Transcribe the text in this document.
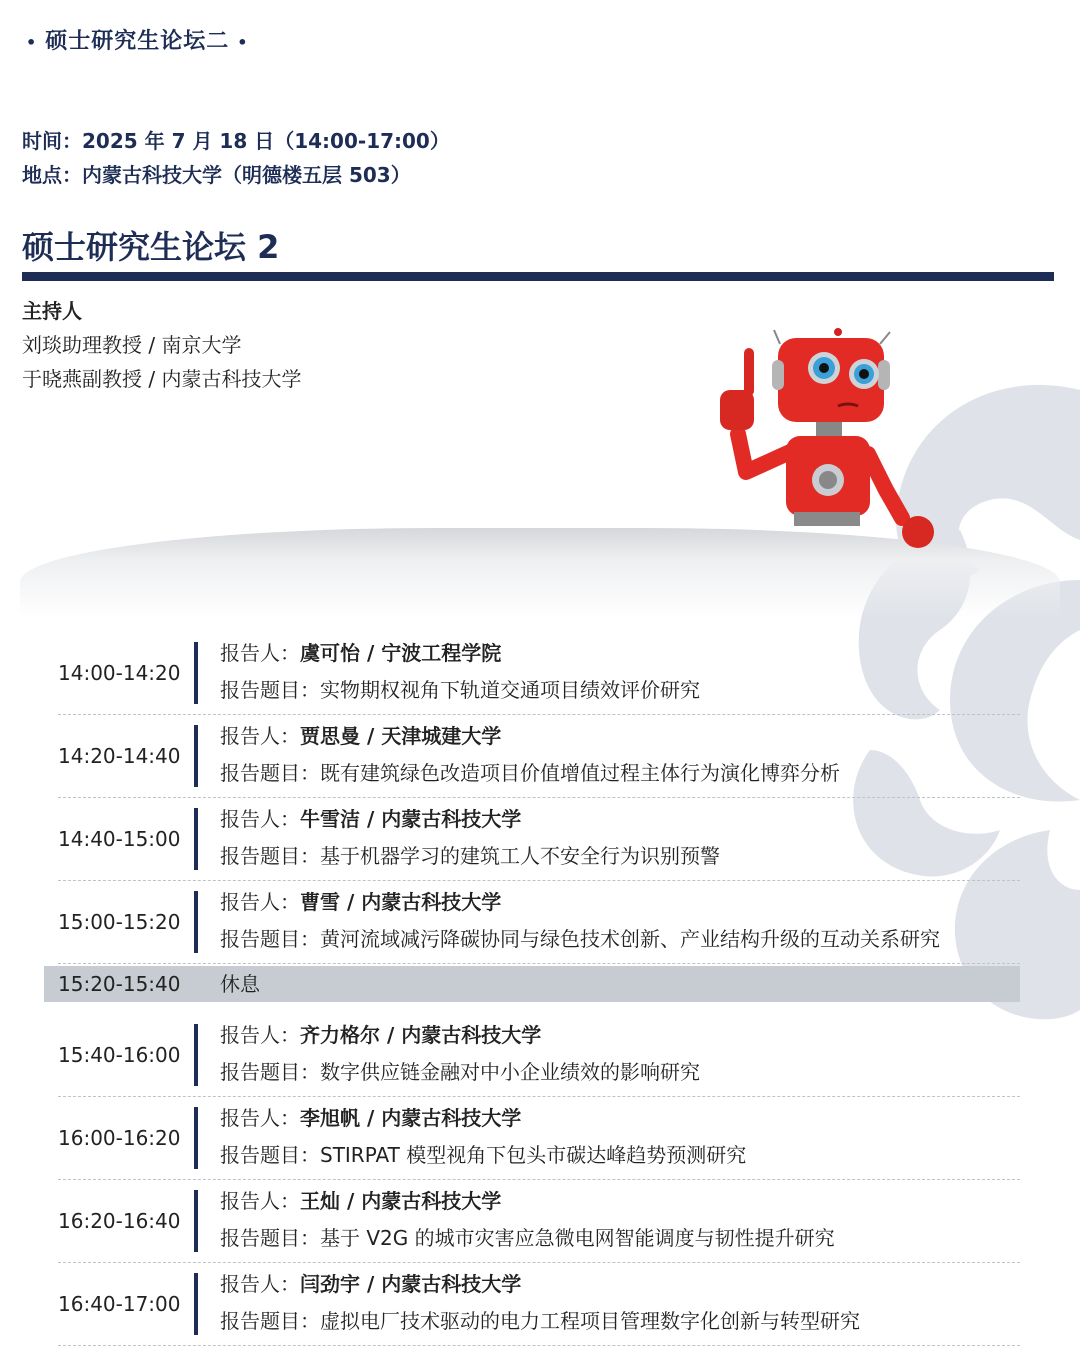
• 硕士研究生论坛二 •
时间：2025 年 7 月 18 日（14:00-17:00）
地点：内蒙古科技大学（明德楼五层 503）
硕士研究生论坛 2
主持人
刘琰助理教授 / 南京大学
于晓燕副教授 / 内蒙古科技大学
14:00-14:20
报告人：虞可怡 / 宁波工程学院
报告题目：实物期权视角下轨道交通项目绩效评价研究
14:20-14:40
报告人：贾思曼 / 天津城建大学
报告题目：既有建筑绿色改造项目价值增值过程主体行为演化博弈分析
14:40-15:00
报告人：牛雪洁 / 内蒙古科技大学
报告题目：基于机器学习的建筑工人不安全行为识别预警
15:00-15:20
报告人：曹雪 / 内蒙古科技大学
报告题目：黄河流域减污降碳协同与绿色技术创新、产业结构升级的互动关系研究
15:20-15:40 休息
15:40-16:00
报告人：齐力格尔 / 内蒙古科技大学
报告题目：数字供应链金融对中小企业绩效的影响研究
16:00-16:20
报告人：李旭帆 / 内蒙古科技大学
报告题目：STIRPAT 模型视角下包头市碳达峰趋势预测研究
16:20-16:40
报告人：王灿 / 内蒙古科技大学
报告题目：基于 V2G 的城市灾害应急微电网智能调度与韧性提升研究
16:40-17:00
报告人：闫劲宇 / 内蒙古科技大学
报告题目：虚拟电厂技术驱动的电力工程项目管理数字化创新与转型研究
